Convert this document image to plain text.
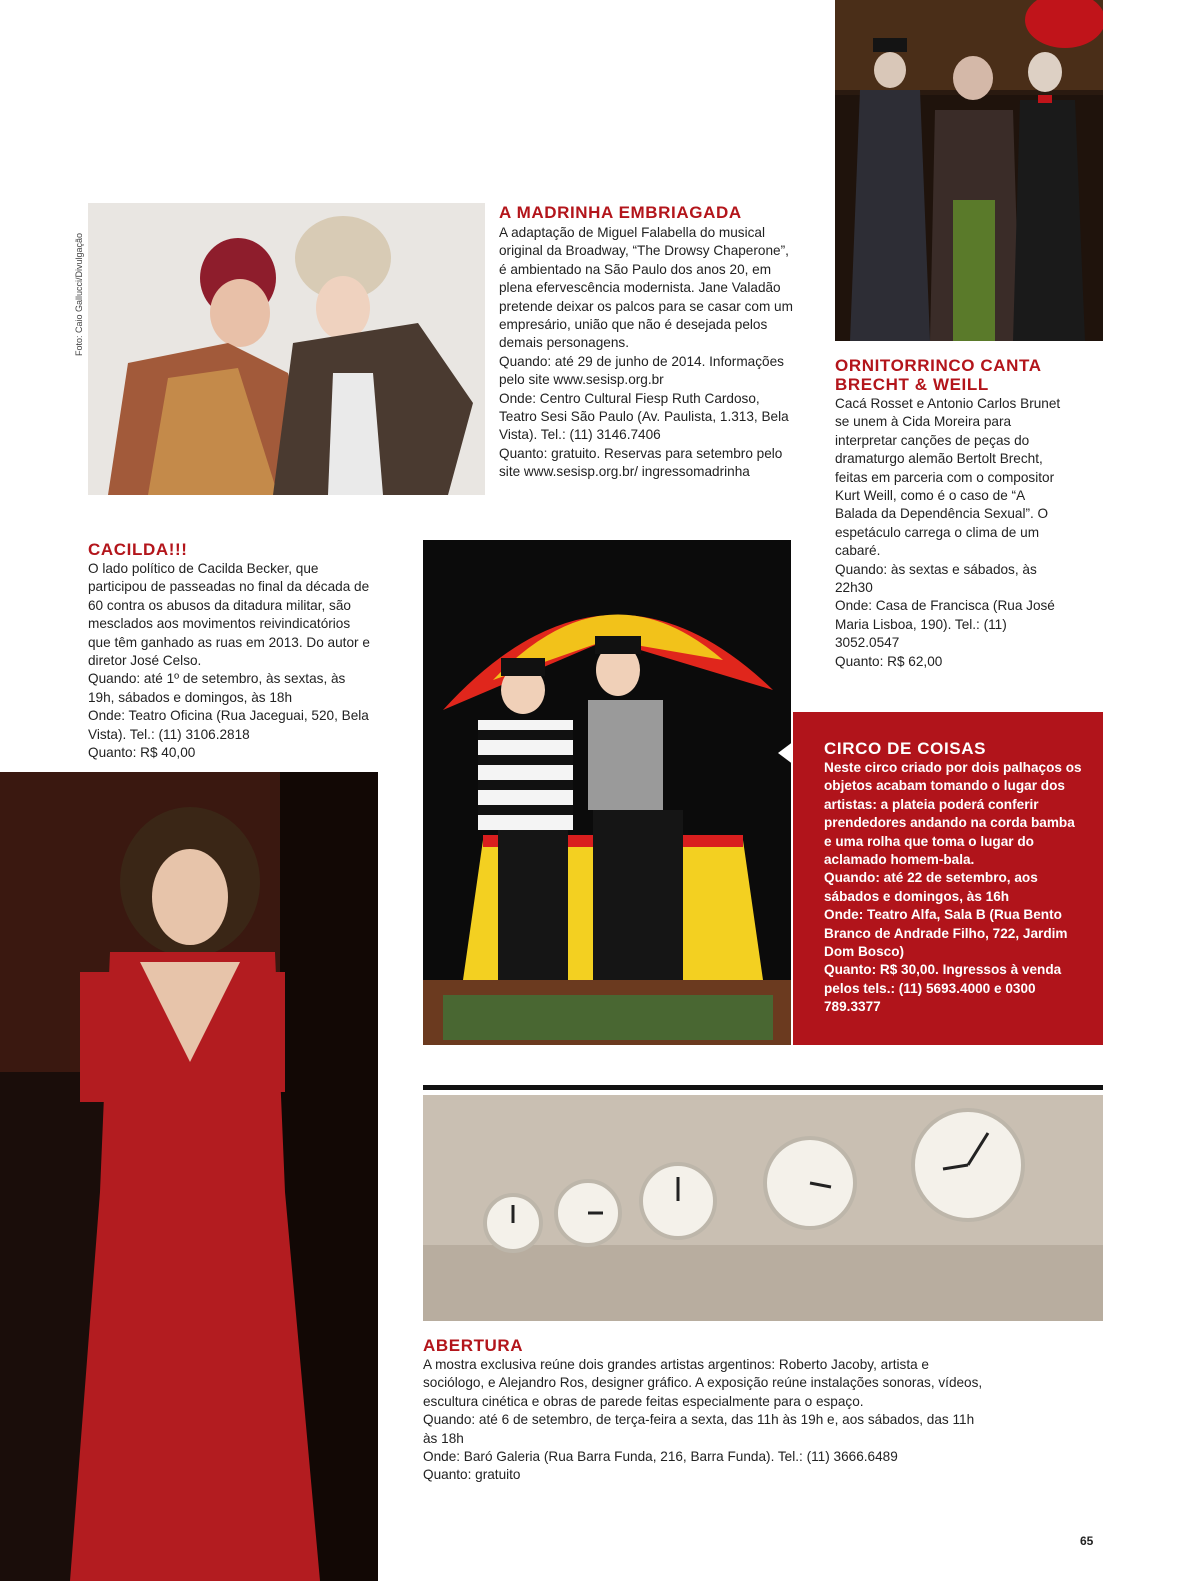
Foto: Caio Gallucci/Divulgação
A MADRINHA EMBRIAGADA

A adaptação de Miguel Falabella do musical original da Broadway, “The Drowsy Chaperone”, é ambientado na São Paulo dos anos 20, em plena efervescência modernista. Jane Valadão pretende deixar os palcos para se casar com um empresário, união que não é desejada pelos demais personagens.

Quando: até 29 de junho de 2014. Informações pelo site www.sesisp.org.br

Onde: Centro Cultural Fiesp Ruth Cardoso, Teatro Sesi São Paulo (Av. Paulista, 1.313, Bela Vista). Tel.: (11) 3146.7406

Quanto: gratuito. Reservas para setembro pelo site www.sesisp.org.br/ ingressomadrinha

ORNITORRINCO CANTA
BRECHT & WEILL

Cacá Rosset e Antonio Carlos Brunet se unem à Cida Moreira para interpretar canções de peças do dramaturgo alemão Bertolt Brecht, feitas em parceria com o compositor Kurt Weill, como é o caso de “A Balada da Dependência Sexual”. O espetáculo carrega o clima de um cabaré.

Quando: às sextas e sábados, às 22h30

Onde: Casa de Francisca (Rua José Maria Lisboa, 190). Tel.: (11) 3052.0547

Quanto: R$ 62,00

CACILDA!!!

O lado político de Cacilda Becker, que participou de passeadas no final da década de 60 contra os abusos da ditadura militar, são mesclados aos movimentos reivindicatórios que têm ganhado as ruas em 2013. Do autor e diretor José Celso.

Quando: até 1º de setembro, às sextas, às 19h, sábados e domingos, às 18h

Onde: Teatro Oficina (Rua Jaceguai, 520, Bela Vista). Tel.: (11) 3106.2818

Quanto: R$ 40,00	CIRCO DE COISAS

Neste circo criado por dois palhaços os objetos acabam tomando o lugar dos artistas: a plateia poderá conferir prendedores andando na corda bamba e uma rolha que toma o lugar do aclamado homem-bala.

Quando: até 22 de setembro, aos sábados e domingos, às 16h

Onde: Teatro Alfa, Sala B (Rua Bento Branco de Andrade Filho, 722, Jardim Dom Bosco)

Quanto: R$ 30,00. Ingressos à venda pelos tels.: (11) 5693.4000 e 0300 789.3377

ABERTURA

A mostra exclusiva reúne dois grandes artistas argentinos: Roberto Jacoby, artista e sociólogo, e Alejandro Ros, designer gráfico. A exposição reúne instalações sonoras, vídeos, escultura cinética e obras de parede feitas especialmente para o espaço.

Quando: até 6 de setembro, de terça-feira a sexta, das 11h às 19h e, aos sábados, das 11h às 18h

Onde: Baró Galeria (Rua Barra Funda, 216, Barra Funda). Tel.: (11) 3666.6489

Quanto: gratuito

65
